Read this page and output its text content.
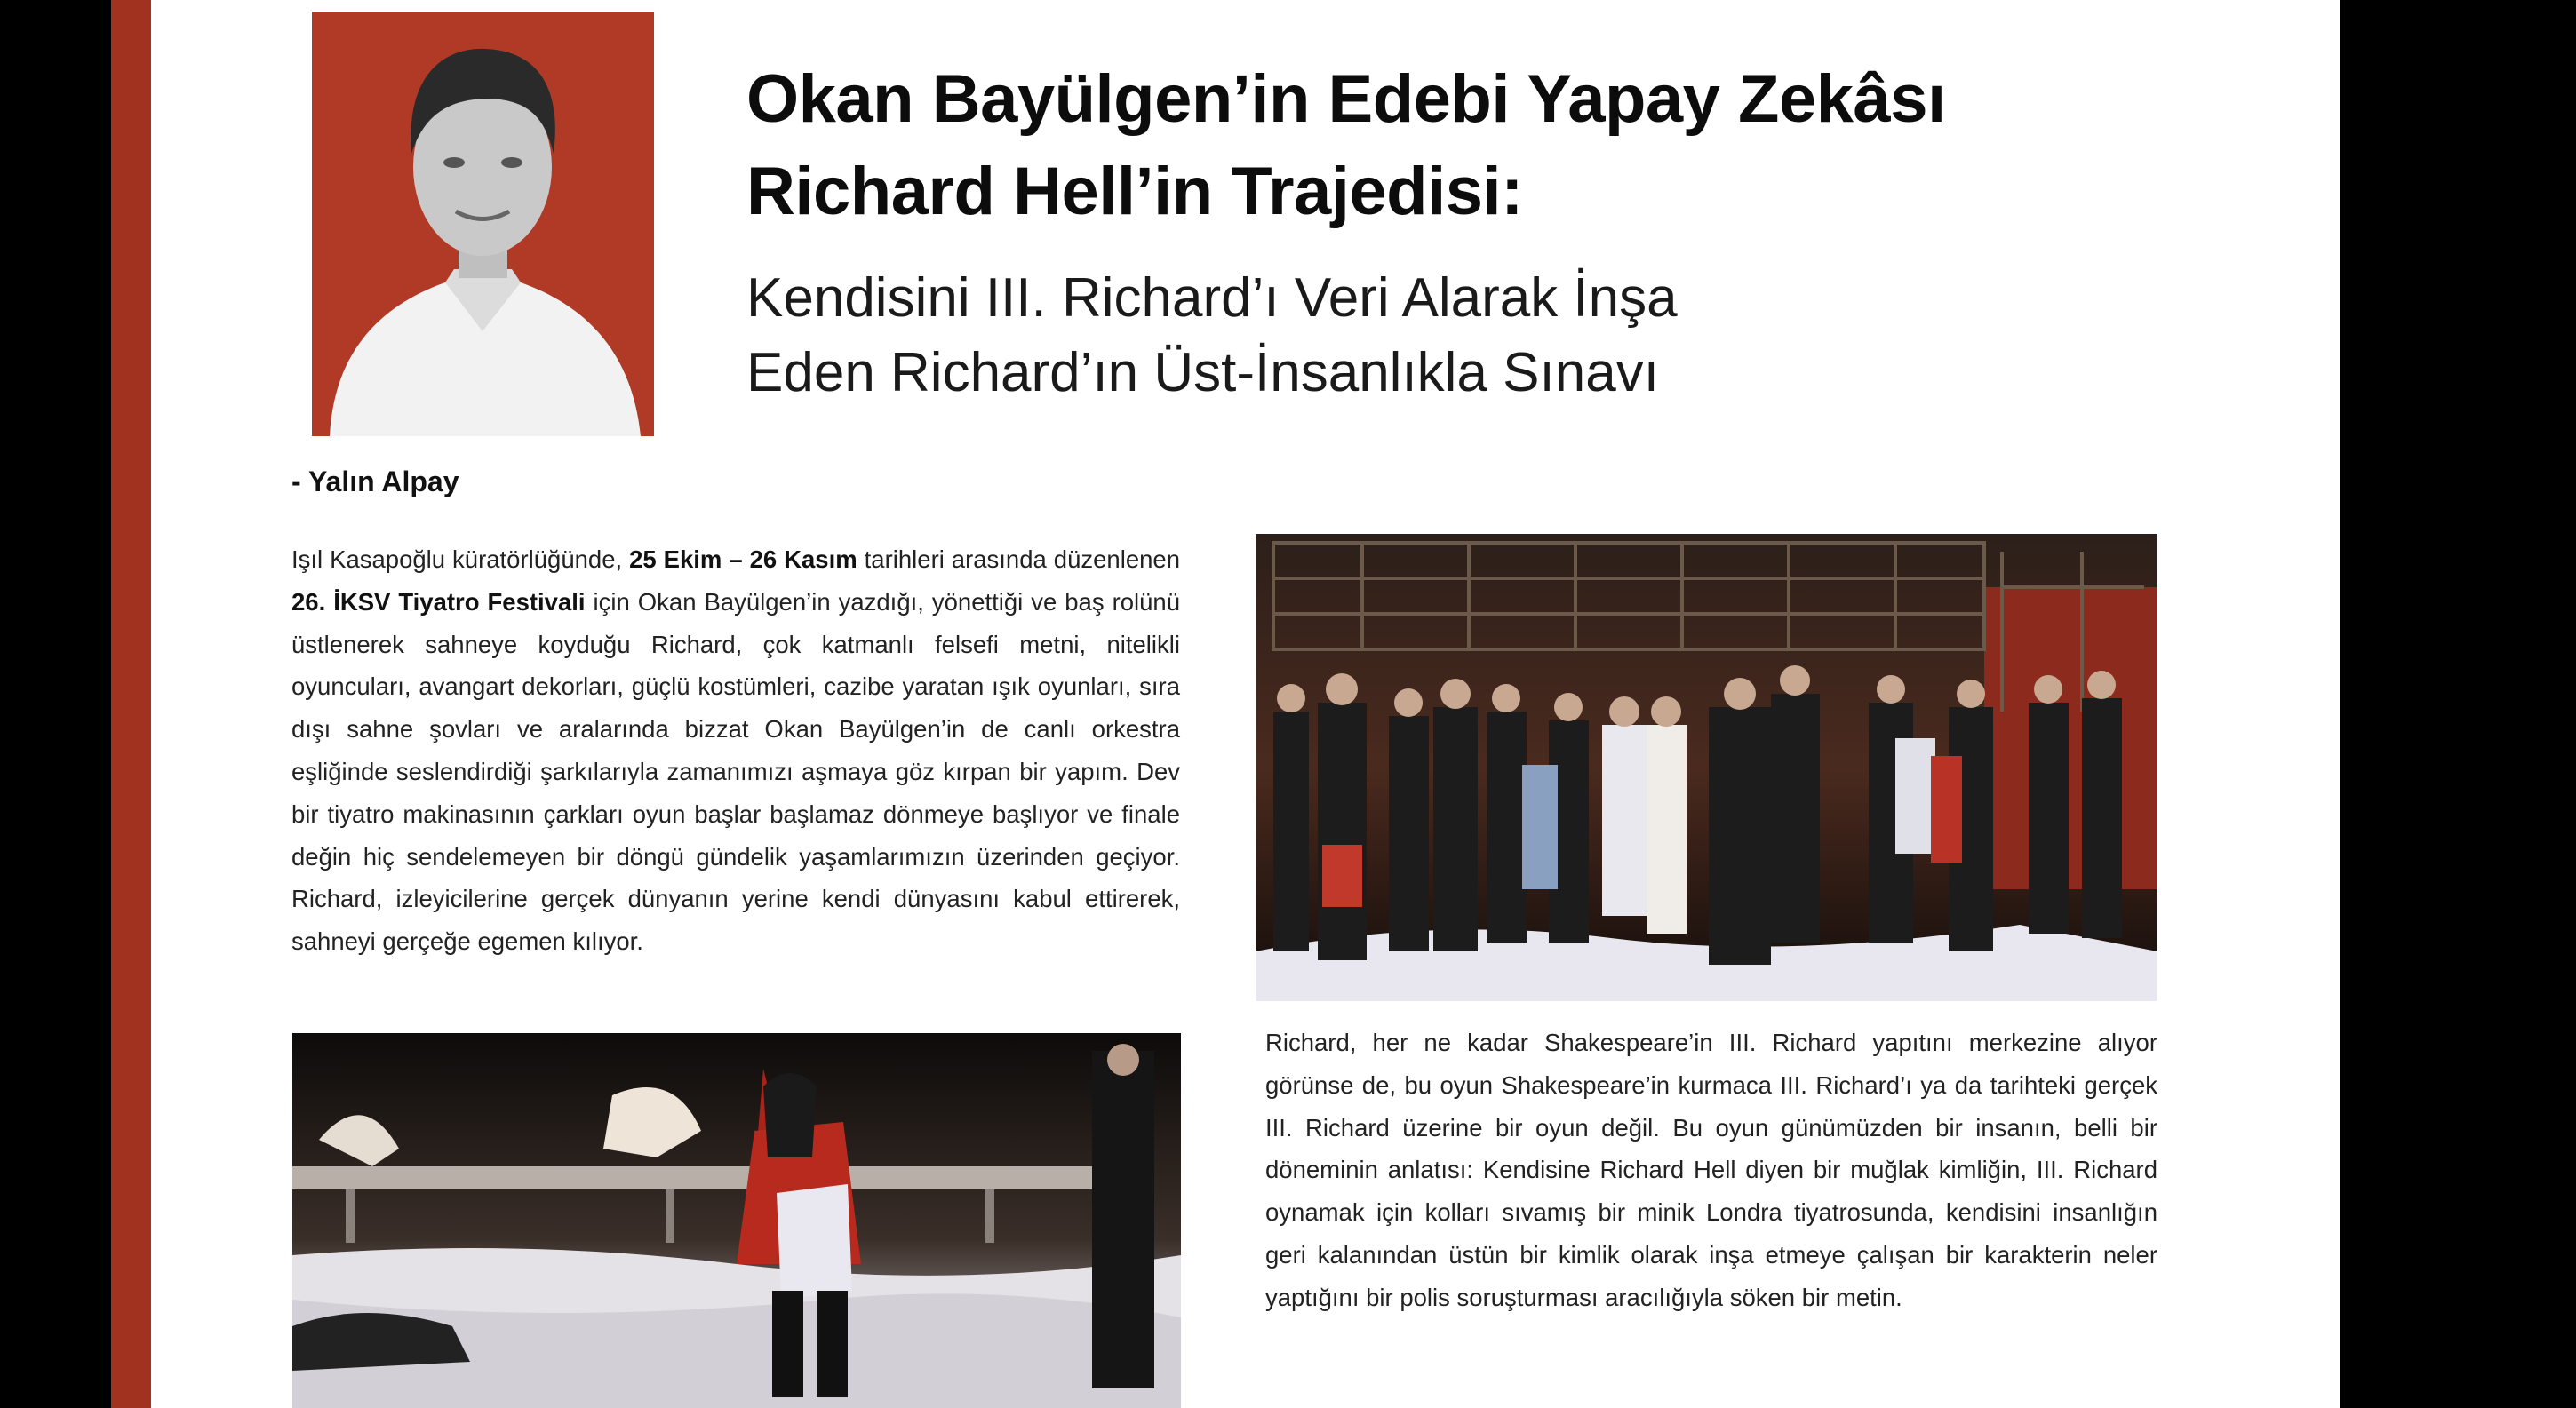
Okan Bayülgen’in Edebi Yapay Zekâsı
Richard Hell’in Trajedisi:
Kendisini III. Richard’ı Veri Alarak İnşa
Eden Richard’ın Üst-İnsanlıkla Sınavı
- Yalın Alpay

Işıl Kasapoğlu küratörlüğünde, 25 Ekim – 26 Kasım tarihleri arasında düzenlenen 26. İKSV Tiyatro Festivali için Okan Bayülgen’in yazdığı, yönettiği ve baş rolünü üstlenerek sahneye koyduğu Richard, çok katmanlı felsefi metni, nitelikli oyuncuları, avangart dekorları, güçlü kostümleri, cazibe yaratan ışık oyunları, sıra dışı sahne şovları ve aralarında bizzat Okan Bayülgen’in de canlı orkestra eşliğinde seslendirdiği şarkılarıyla zamanımızı aşmaya göz kırpan bir yapım. Dev bir tiyatro makinasının çarkları oyun başlar başlamaz dönmeye başlıyor ve finale değin hiç sendelemeyen bir döngü gündelik yaşamlarımızın üzerinden geçiyor. Richard, izleyicilerine gerçek dünyanın yerine kendi dünyasını kabul ettirerek, sahneyi gerçeğe egemen kılıyor.

Richard, her ne kadar Shakespeare’in III. Richard yapıtını merkezine alıyor görünse de, bu oyun Shakespeare’in kurmaca III. Richard’ı ya da tarihteki gerçek III. Richard üzerine bir oyun değil. Bu oyun günümüzden bir insanın, belli bir döneminin anlatısı: Kendisine Richard Hell diyen bir muğlak kimliğin, III. Richard oynamak için kolları sıvamış bir minik Londra tiyatrosunda, kendisini insanlığın geri kalanından üstün bir kimlik olarak inşa etmeye çalışan bir karakterin neler yaptığını bir polis soruşturması aracılığıyla söken bir metin.
